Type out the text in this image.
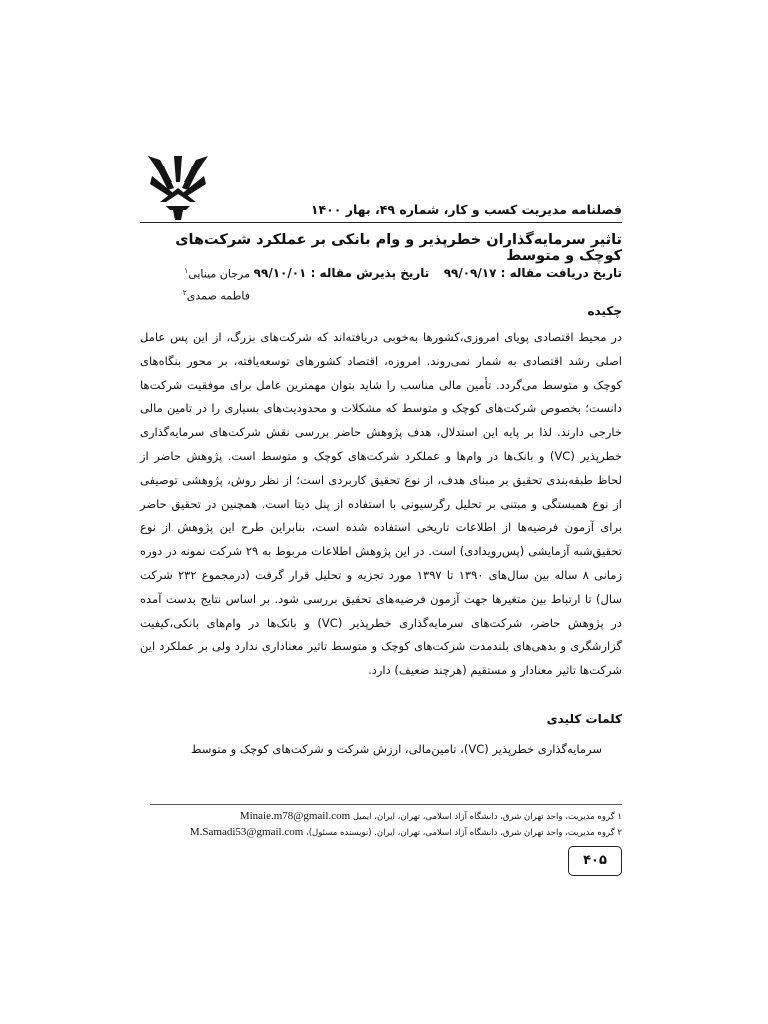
فصلنامه مدیریت کسب و کار، شماره ۴۹، بهار ۱۴۰۰
تاثیر سرمایه‌گذاران خطرپذیر و وام بانکی بر عملکرد شرکت‌های کوچک و متوسط
مرجان مینایی$^۱$
فاطمه صمدی$^۲$
تاریخ دریافت مقاله : ۹۹/۰۹/۱۷  تاریخ پذیرش مقاله : ۹۹/۱۰/۰۱
چکیده
در محیط اقتصادی پویای امروزی،کشورها به‌خوبی دریافته‌اند که شرکت‌های بزرگ، از این پس عامل اصلی رشد اقتصادی به شمار نمی‌روند. امروزه، اقتصاد کشورهای توسعه‌یافته، بر محور بنگاه‌های کوچک و متوسط می‌گردد. تأمین مالی مناسب را شاید بتوان مهمترین عامل برای موفقیت شرکت‌ها دانست؛ بخصوص شرکت‌های کوچک و متوسط که مشکلات و محدودیت‌های بسیاری را در تامین مالی خارجی دارند. لذا بر پایه این استدلال، هدف پژوهش حاضر بررسی نقش شرکت‌های سرمایه‌گذاری خطرپذیر (VC) و بانک‌ها در وام‌ها و عملکرد شرکت‌های کوچک و متوسط است. پژوهش حاضر از لحاظ طبقه‌بندی تحقیق بر مبنای هدف، از نوع تحقیق کاربردی است؛ از نظر روش، پژوهشی توصیفی از نوع همبستگی و مبتنی بر تحلیل رگرسیونی با استفاده از پنل دیتا است. همچنین در تحقیق حاضر برای آزمون فرضیه‌ها از اطلاعات تاریخی استفاده شده است، بنابراین طرح این پژوهش از نوع تحقیق‌شبه آزمایشی (پس‌رویدادی) است. در این پژوهش اطلاعات مربوط به ۲۹ شرکت نمونه در دوره زمانی ۸ ساله بین سال‌های ۱۳۹۰ تا ۱۳۹۷ مورد تجزیه و تحلیل قرار گرفت (درمجموع ۲۳۲ شرکت سال) تا ارتباط بین متغیرها جهت آزمون فرضیه‌های تحقیق بررسی شود. بر اساس نتایج بدست آمده در پژوهش حاضر، شرکت‌های سرمایه‌گذاری خطرپذیر (VC) و بانک‌ها در وام‌های بانکی،کیفیت گزارشگری و بدهی‌های بلندمدت شرکت‌های کوچک و متوسط تاثیر معناداری ندارد ولی بر عملکرد این شرکت‌ها تاثیر معنادار و مستقیم (هرچند ضعیف) دارد.
کلمات کلیدی
سرمایه‌گذاری خطرپذیر (VC)، تامین‌مالی، ارزش شرکت و شرکت‌های کوچک و متوسط
۱ گروه مدیریت، واحد تهران شرق، دانشگاه آزاد اسلامی، تهران، ایران، ایمیل Minaie.m78@gmail.com
۲ گروه مدیریت، واحد تهران شرق، دانشگاه آزاد اسلامی، تهران، ایران. (نویسنده مسئول)، M.Samadi53@gmail.com
۴۰۵
